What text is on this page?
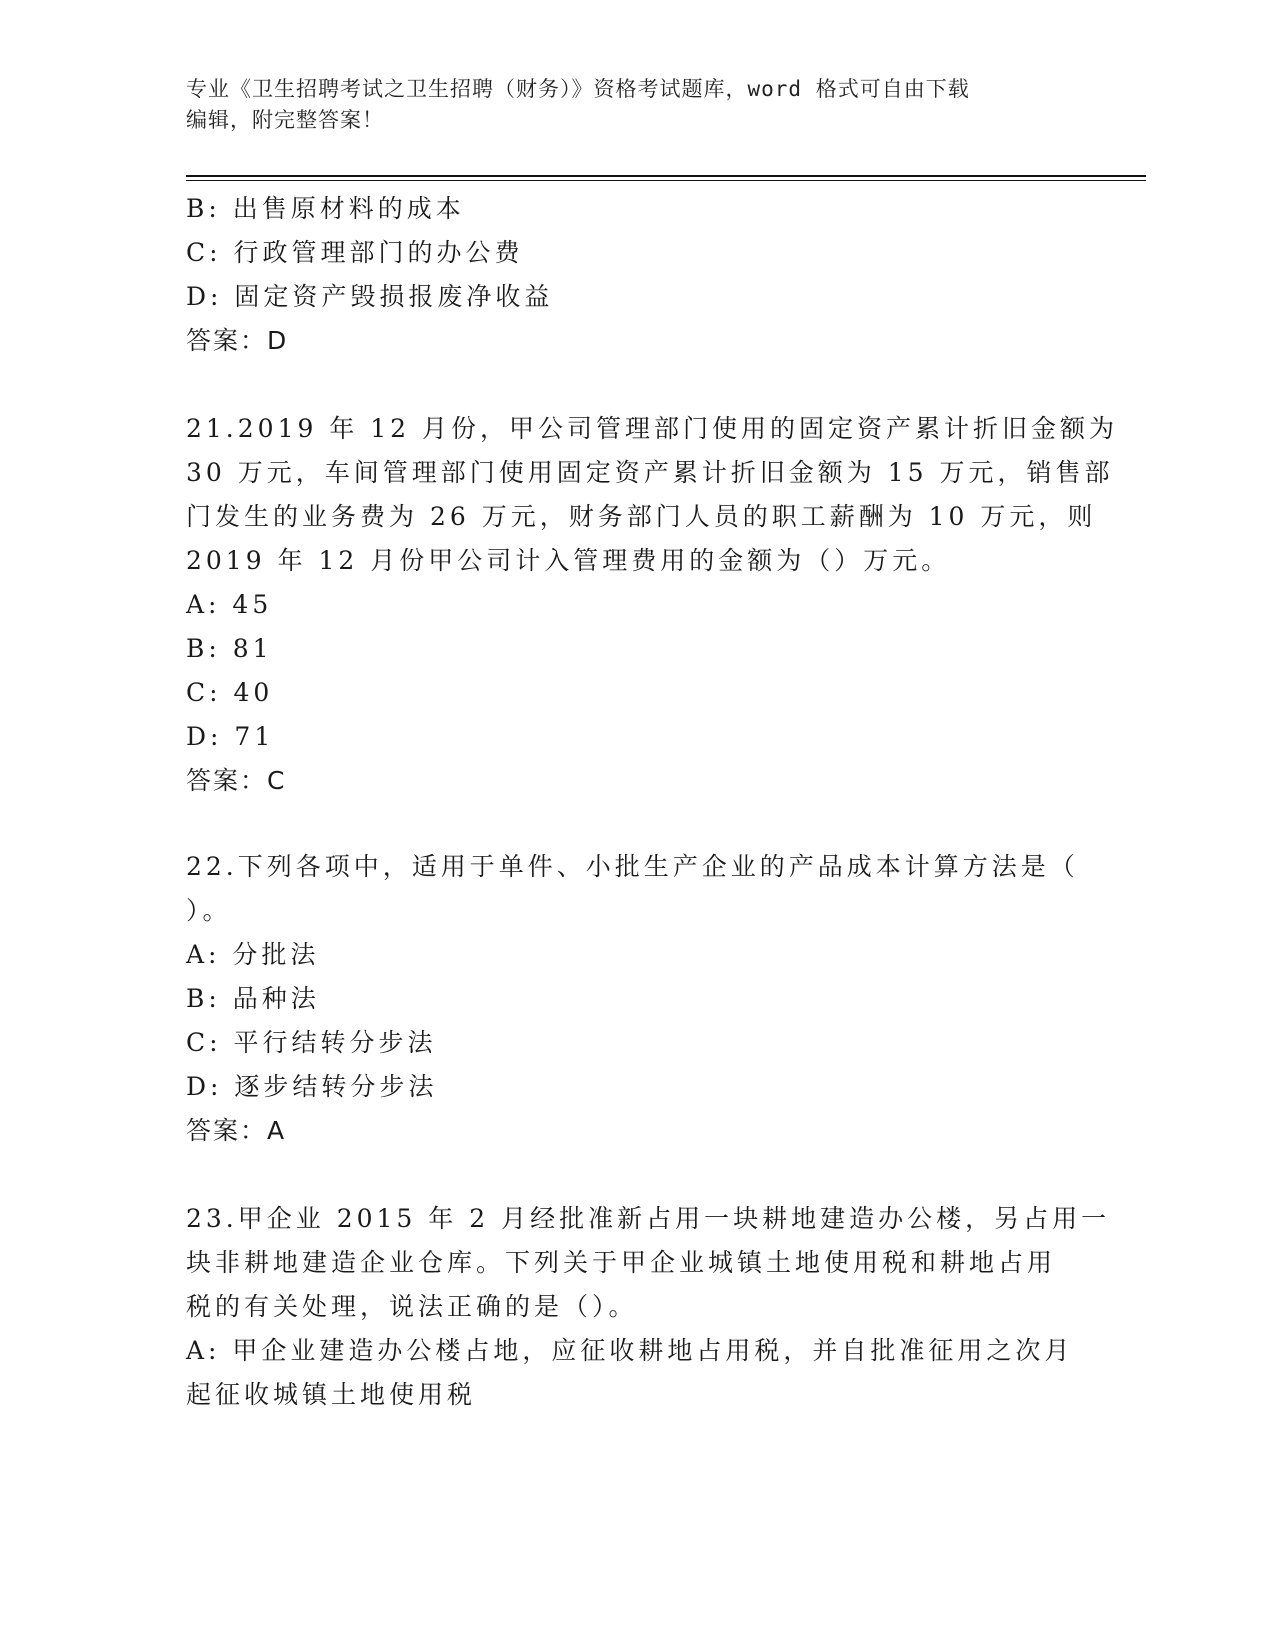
专业《卫生招聘考试之卫生招聘（财务）》资格考试题库，word 格式可自由下载
编辑，附完整答案！
B: 出售原材料的成本
C: 行政管理部门的办公费
D: 固定资产毁损报废净收益
答案：D
21.2019 年 12 月份，甲公司管理部门使用的固定资产累计折旧金额为
30 万元，车间管理部门使用固定资产累计折旧金额为 15 万元，销售部
门发生的业务费为 26 万元，财务部门人员的职工薪酬为 10 万元，则
2019 年 12 月份甲公司计入管理费用的金额为（）万元。
A: 45
B: 81
C: 40
D: 71
答案：C
22.下列各项中，适用于单件、小批生产企业的产品成本计算方法是（
）。
A: 分批法
B: 品种法
C: 平行结转分步法
D: 逐步结转分步法
答案：A
23.甲企业 2015 年 2 月经批准新占用一块耕地建造办公楼，另占用一
块非耕地建造企业仓库。下列关于甲企业城镇土地使用税和耕地占用
税的有关处理，说法正确的是（）。
A: 甲企业建造办公楼占地，应征收耕地占用税，并自批准征用之次月
起征收城镇土地使用税
